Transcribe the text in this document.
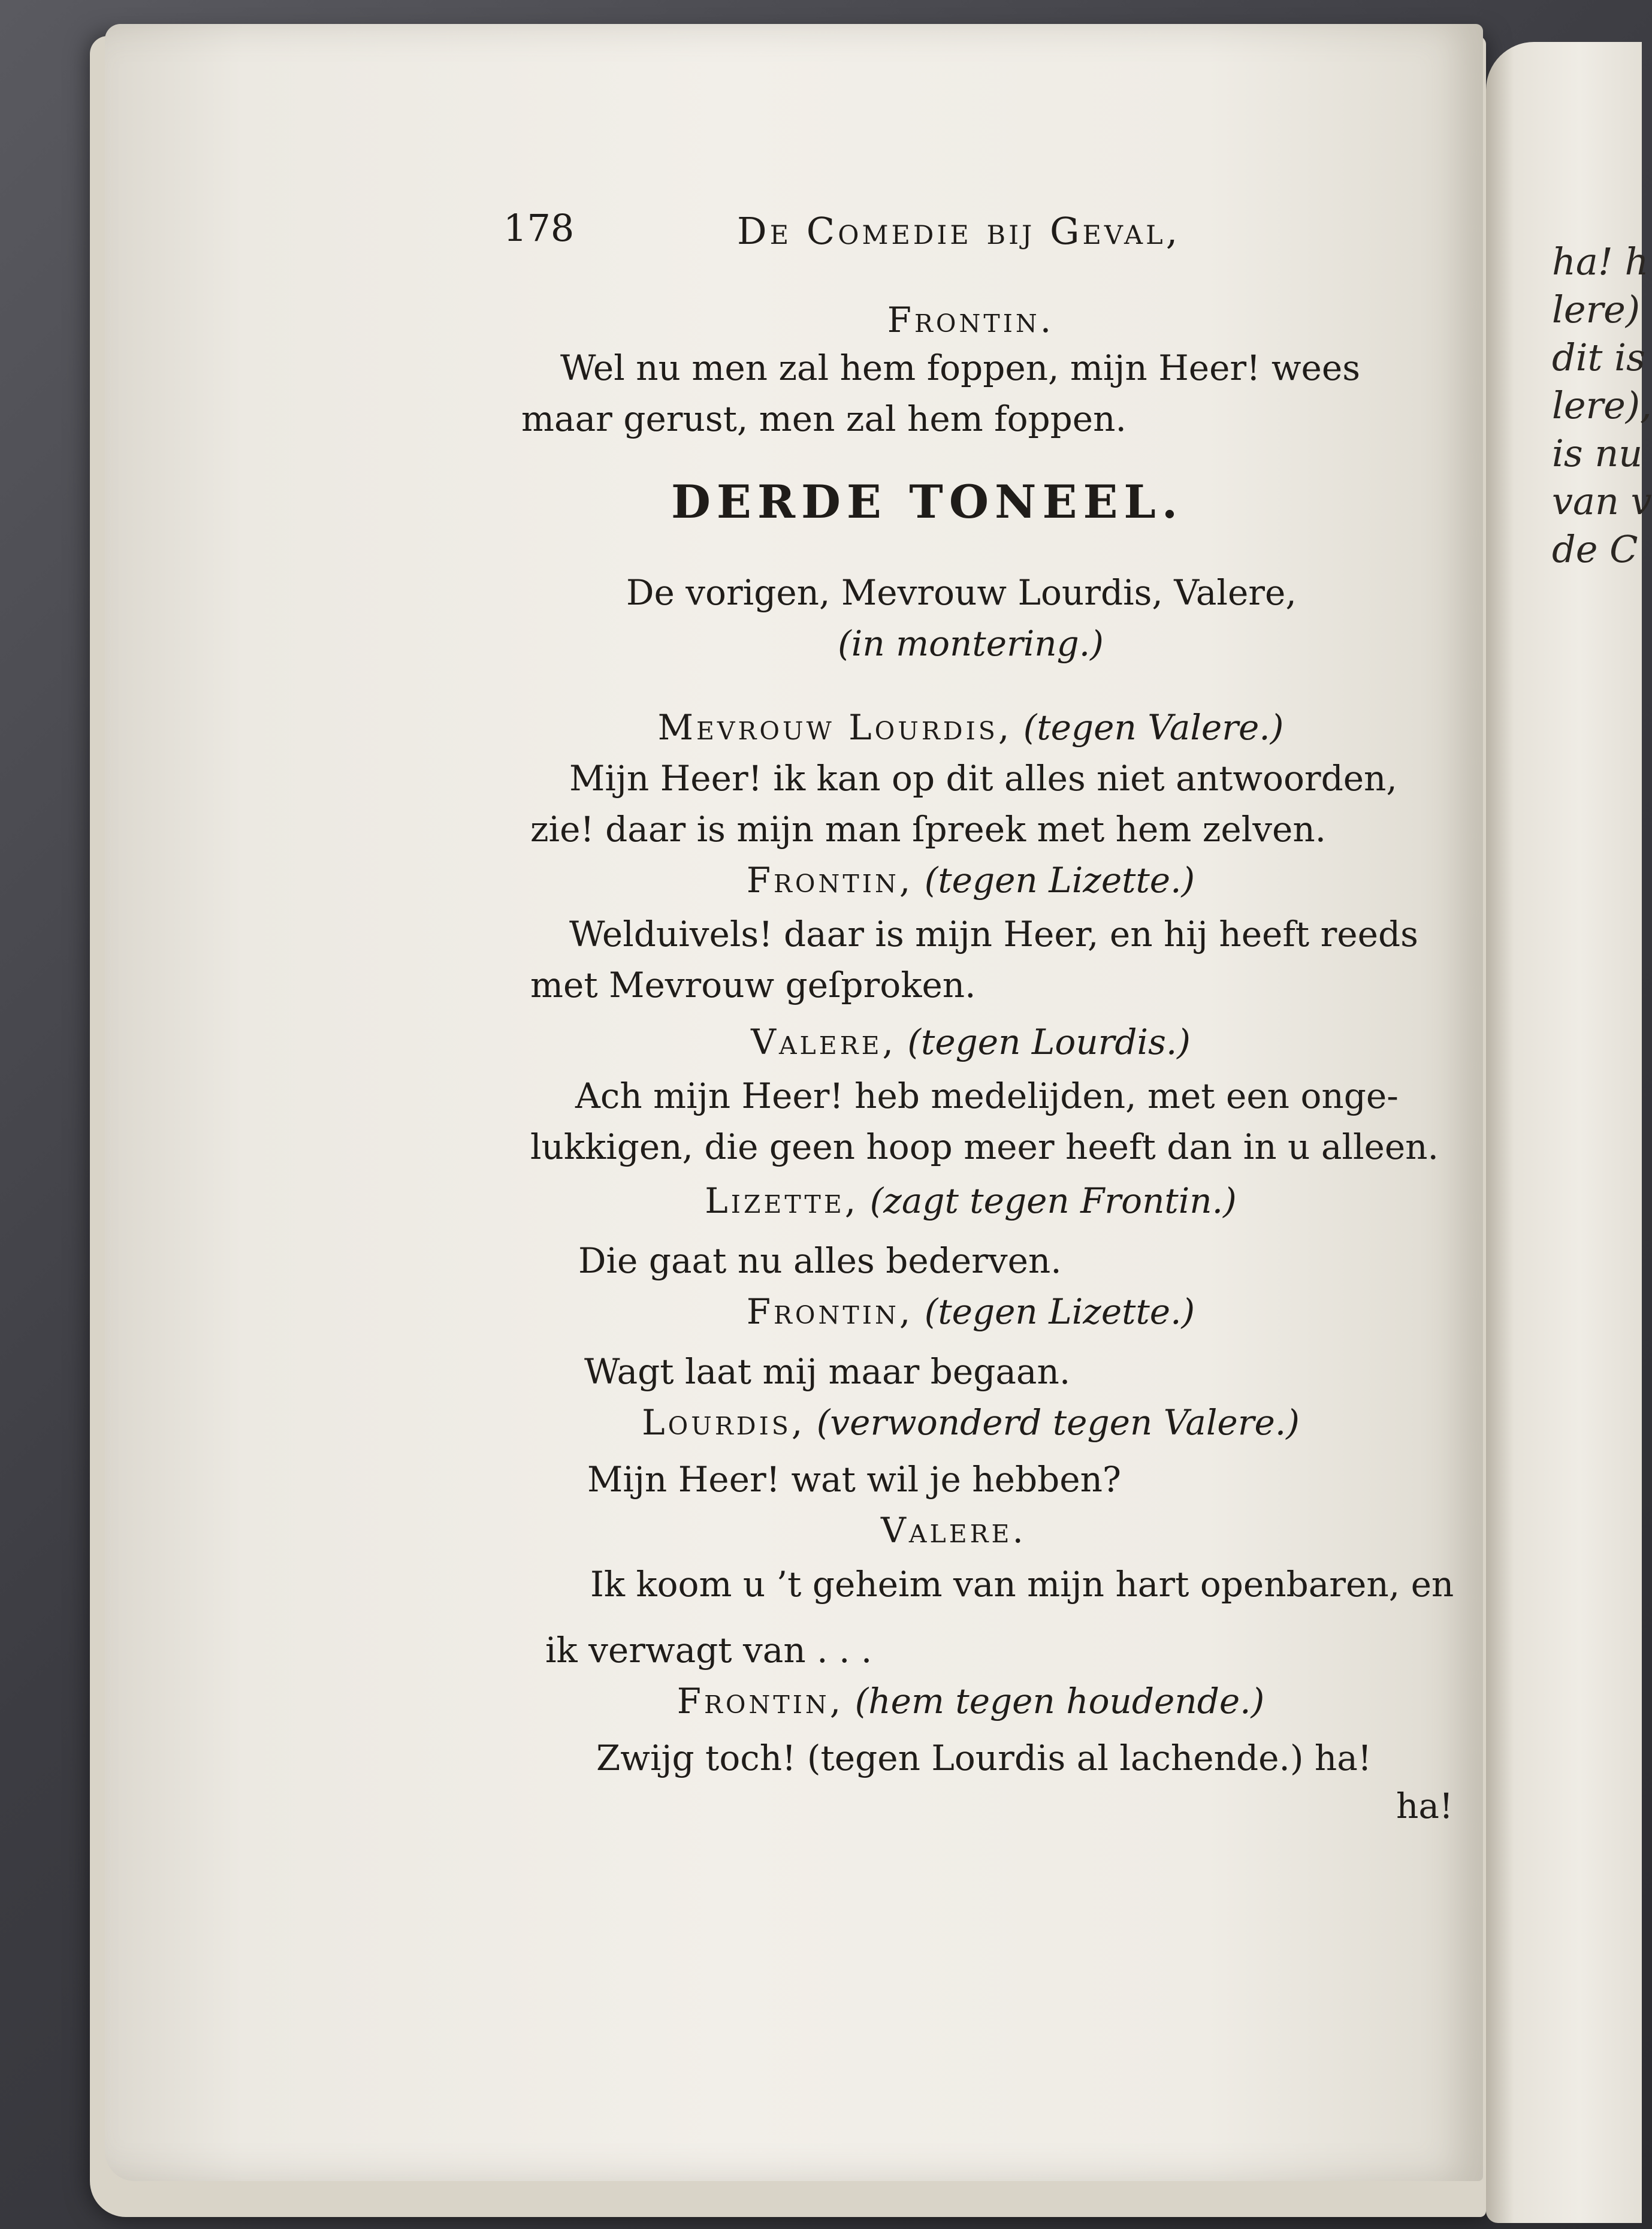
ha! h
lere)
dit is
lere),
is nu
van v
de C
178	De Comedie bij Geval,
Frontin.
Wel nu men zal hem foppen, mijn Heer! wees
maar gerust, men zal hem foppen.
DERDE TONEEL.
De vorigen, Mevrouw Lourdis, Valere,
(in montering.)
Mevrouw Lourdis, (tegen Valere.)
Mijn Heer! ik kan op dit alles niet antwoorden,
zie! daar is mijn man ſpreek met hem zelven.
Frontin, (tegen Lizette.)
Welduivels! daar is mijn Heer, en hij heeft reeds
met Mevrouw geſproken.
Valere, (tegen Lourdis.)
Ach mijn Heer! heb medelijden, met een onge-
lukkigen, die geen hoop meer heeft dan in u alleen.
Lizette, (zagt tegen Frontin.)
Die gaat nu alles bederven.
Frontin, (tegen Lizette.)
Wagt laat mij maar begaan.
Lourdis, (verwonderd tegen Valere.)
Mijn Heer! wat wil je hebben?
Valere.
Ik koom u ’t geheim van mijn hart openbaren, en
ik verwagt van . . .
Frontin, (hem tegen houdende.)
Zwijg toch! (tegen Lourdis al lachende.) ha!
ha!
